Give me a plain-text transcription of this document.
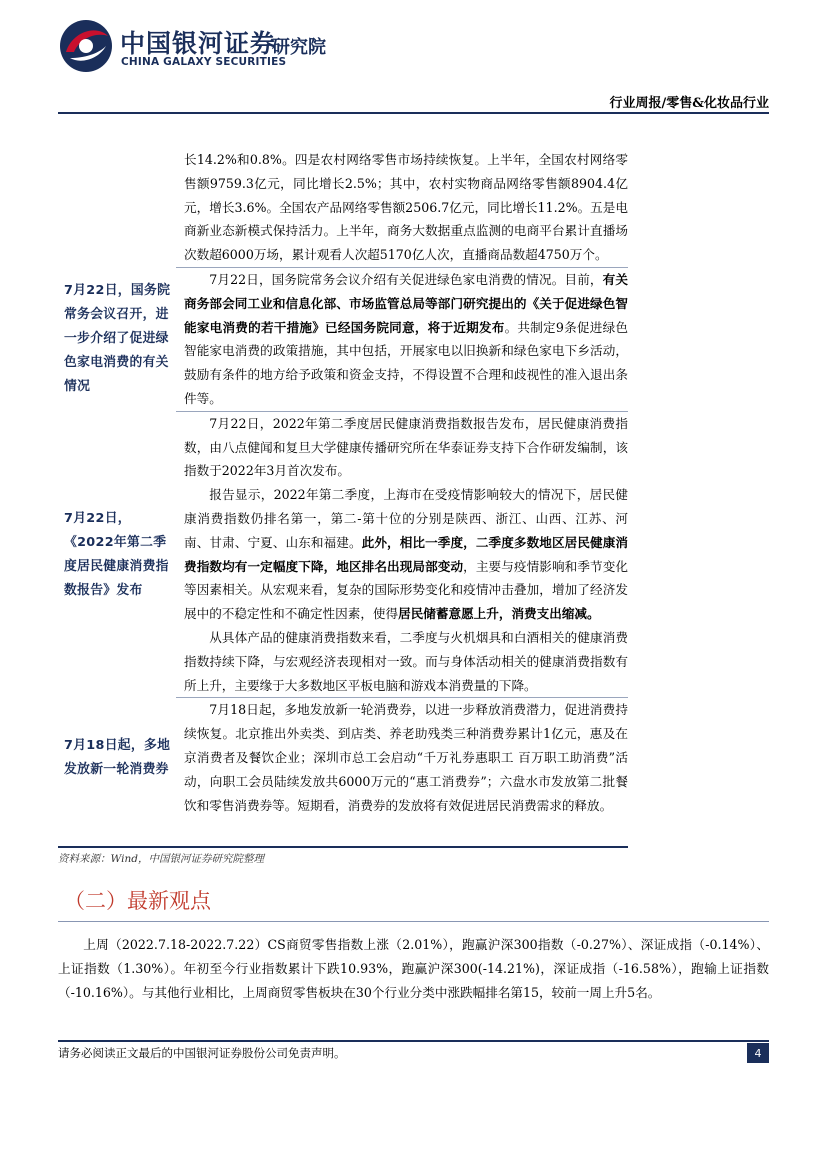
中国银河证券
CHINA GALAXY SECURITIES
研究院
行业周报/零售&化妆品行业

长14.2%和0.8%。四是农村网络零售市场持续恢复。上半年，全国农村网络零售额9759.3亿元，同比增长2.5%；其中，农村实物商品网络零售额8904.4亿元，增长3.6%。全国农产品网络零售额2506.7亿元，同比增长11.2%。五是电商新业态新模式保持活力。上半年，商务大数据重点监测的电商平台累计直播场次数超6000万场，累计观看人次超5170亿人次，直播商品数超4750万个。

7月22日，国务院常务会议召开，进一步介绍了促进绿色家电消费的有关情况

7月22日，国务院常务会议介绍有关促进绿色家电消费的情况。目前，有关商务部会同工业和信息化部、市场监管总局等部门研究提出的《关于促进绿色智能家电消费的若干措施》已经国务院同意，将于近期发布。共制定9条促进绿色智能家电消费的政策措施，其中包括，开展家电以旧换新和绿色家电下乡活动，鼓励有条件的地方给予政策和资金支持，不得设置不合理和歧视性的准入退出条件等。

7月22日，《2022年第二季度居民健康消费指数报告》发布

7月22日，2022年第二季度居民健康消费指数报告发布，居民健康消费指数，由八点健闻和复旦大学健康传播研究所在华泰证券支持下合作研发编制，该指数于2022年3月首次发布。

报告显示，2022年第二季度，上海市在受疫情影响较大的情况下，居民健康消费指数仍排名第一，第二-第十位的分别是陕西、浙江、山西、江苏、河南、甘肃、宁夏、山东和福建。此外，相比一季度，二季度多数地区居民健康消费指数均有一定幅度下降，地区排名出现局部变动，主要与疫情影响和季节变化等因素相关。从宏观来看，复杂的国际形势变化和疫情冲击叠加，增加了经济发展中的不稳定性和不确定性因素，使得居民储蓄意愿上升，消费支出缩减。

从具体产品的健康消费指数来看，二季度与火机烟具和白酒相关的健康消费指数持续下降，与宏观经济表现相对一致。而与身体活动相关的健康消费指数有所上升，主要缘于大多数地区平板电脑和游戏本消费量的下降。

7月18日起，多地发放新一轮消费券

7月18日起，多地发放新一轮消费券，以进一步释放消费潜力，促进消费持续恢复。北京推出外卖类、到店类、养老助残类三种消费券累计1亿元，惠及在京消费者及餐饮企业；深圳市总工会启动“千万礼券惠职工 百万职工助消费”活动，向职工会员陆续发放共6000万元的“惠工消费券”；六盘水市发放第二批餐饮和零售消费券等。短期看，消费券的发放将有效促进居民消费需求的释放。

资料来源：Wind，中国银河证券研究院整理
（二）最新观点

上周（2022.7.18-2022.7.22）CS商贸零售指数上涨（2.01%），跑赢沪深300指数（-0.27%）、深证成指（-0.14%）、上证指数（1.30%）。年初至今行业指数累计下跌10.93%，跑赢沪深300(-14.21%)，深证成指（-16.58%），跑输上证指数（-10.16%）。与其他行业相比，上周商贸零售板块在30个行业分类中涨跌幅排名第15，较前一周上升5名。

请务必阅读正文最后的中国银河证券股份公司免责声明。	4
